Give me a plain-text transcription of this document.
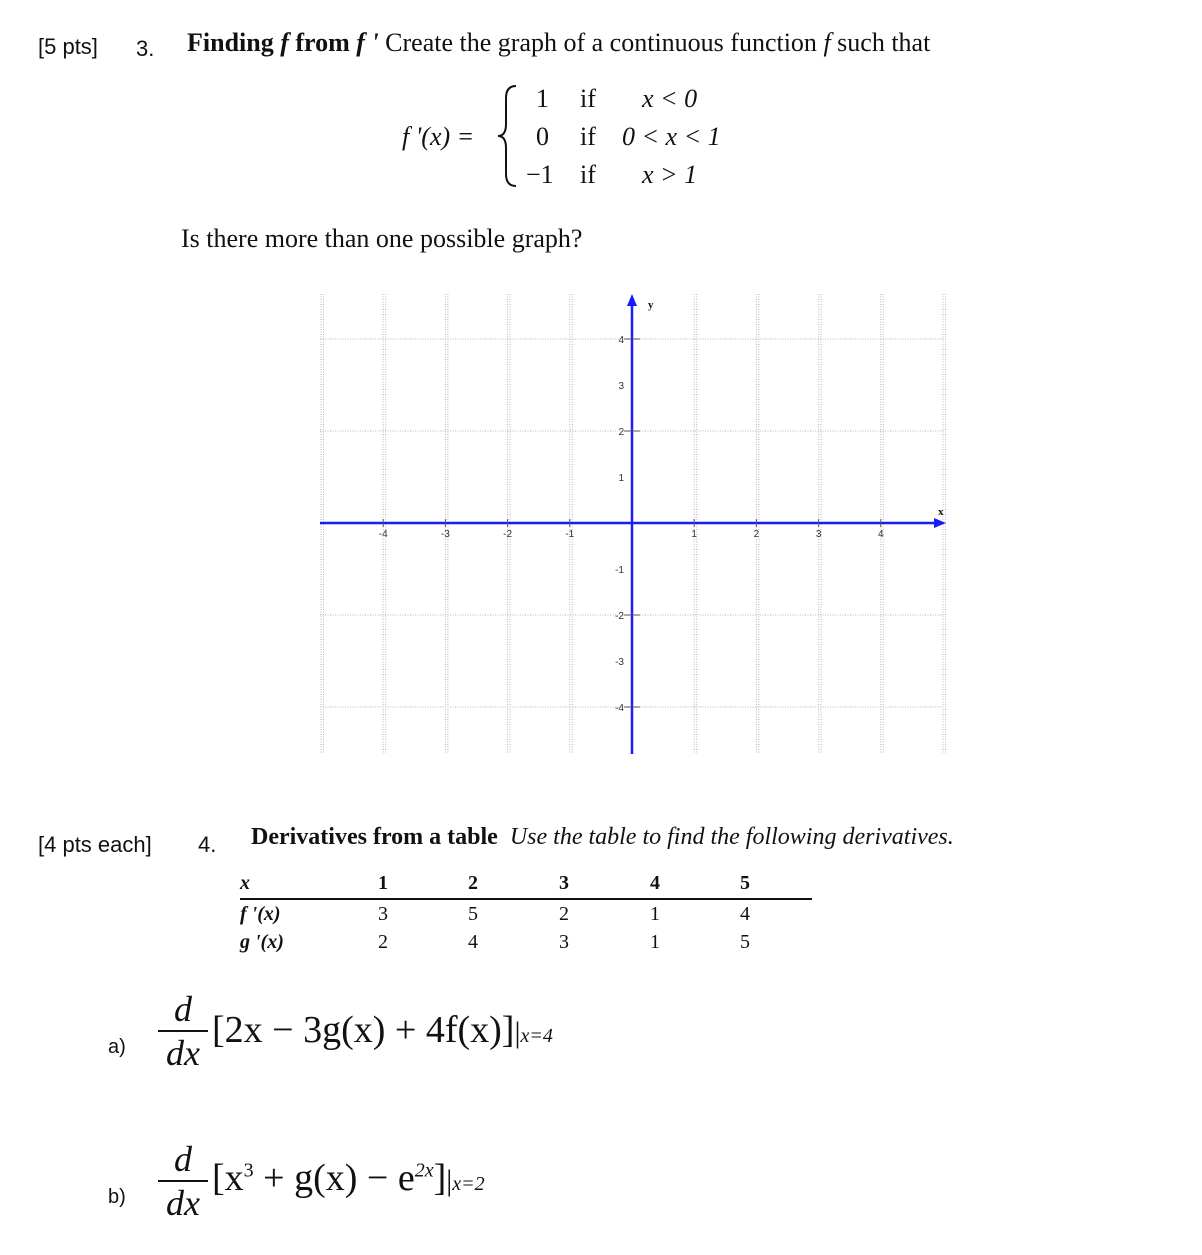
[5 pts] 3. Finding f from f ' Create the graph of a continuous function f such that
f '(x) =
1 if x < 0
0 if 0 < x < 1
−1 if x > 1
Is there more than one possible graph?
-4	-3	-2	-1	1	2	3	4
4
3
2
1
-1
-2
-3
-4
x
y
[4 pts each] 4. Derivatives from a table Use the table to find the following derivatives.
x	1	2	3	4	5
f '(x)	3	5	2	1	4
g '(x)	2	4	3	1	5
a)
d
dx
[2x − 3g(x) + 4f(x)]|x=4
b)
d
dx
$[x^3 + g(x) - e^{2x}]|x=2$
